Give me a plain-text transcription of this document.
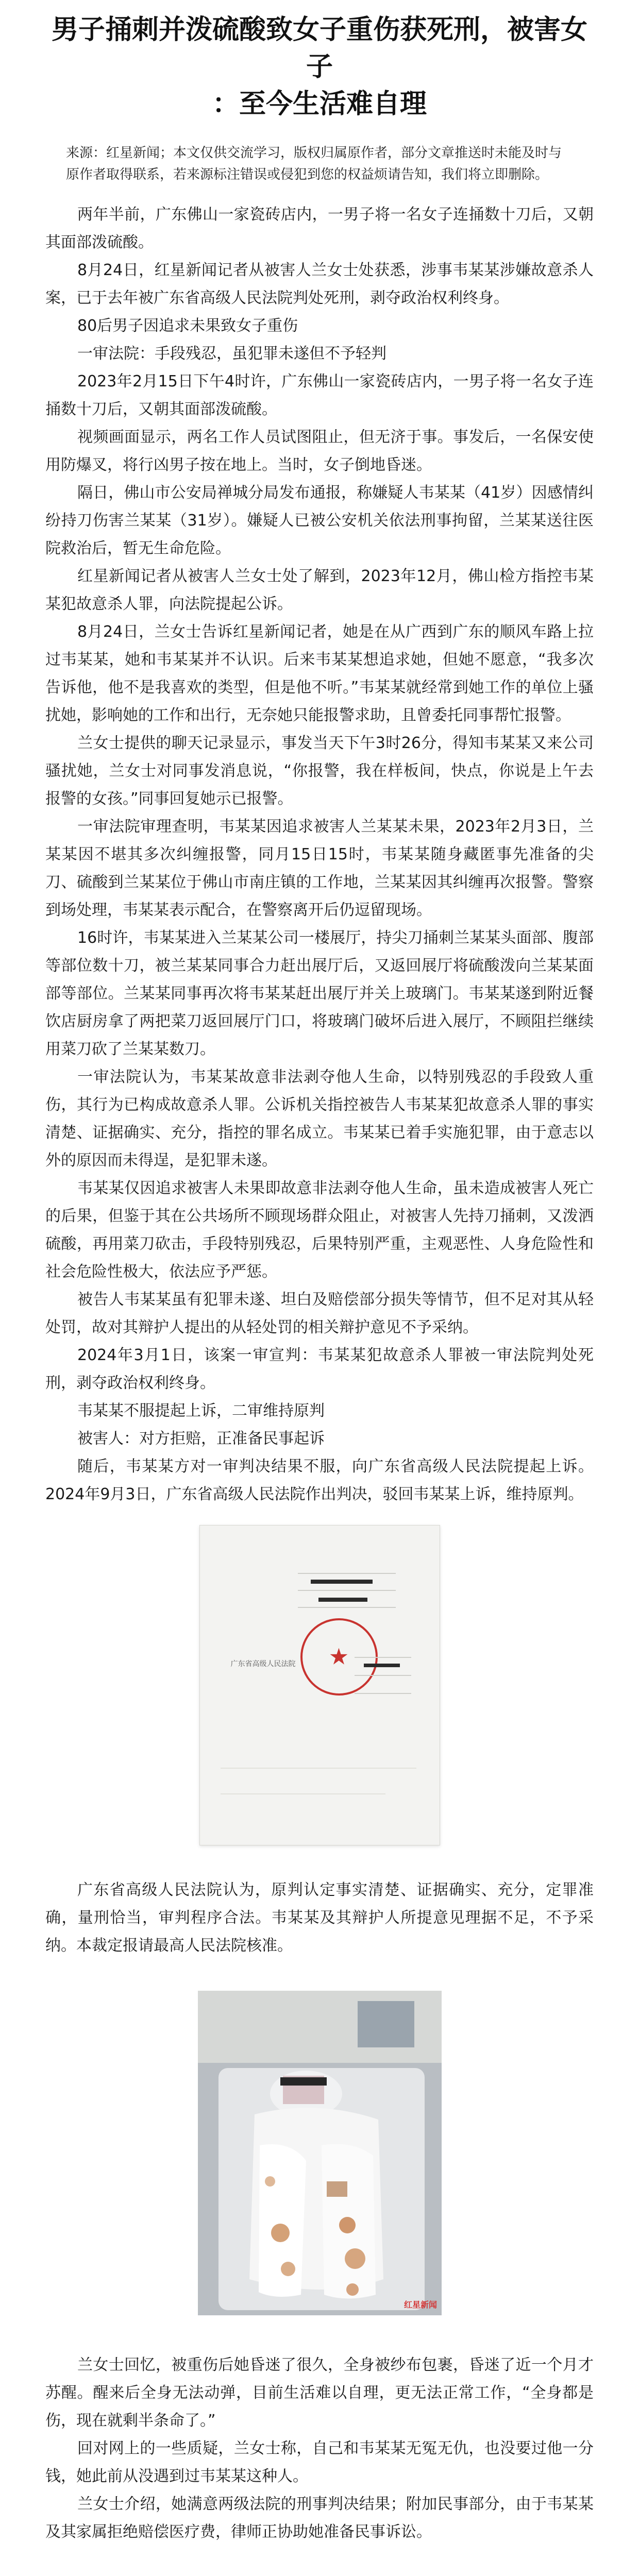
男子捅刺并泼硫酸致女子重伤获死刑，被害女子
：至今生活难自理
来源：红星新闻；本文仅供交流学习，版权归属原作者，部分文章推送时未能及时与原作者取得联系，若来源标注错误或侵犯到您的权益烦请告知，我们将立即删除。

两年半前，广东佛山一家瓷砖店内，一男子将一名女子连捅数十刀后，又朝其面部泼硫酸。

8月24日，红星新闻记者从被害人兰女士处获悉，涉事韦某某涉嫌故意杀人案，已于去年被广东省高级人民法院判处死刑，剥夺政治权利终身。

80后男子因追求未果致女子重伤

一审法院：手段残忍，虽犯罪未遂但不予轻判

2023年2月15日下午4时许，广东佛山一家瓷砖店内，一男子将一名女子连捅数十刀后，又朝其面部泼硫酸。

视频画面显示，两名工作人员试图阻止，但无济于事。事发后，一名保安使用防爆叉，将行凶男子按在地上。当时，女子倒地昏迷。

隔日，佛山市公安局禅城分局发布通报，称嫌疑人韦某某（41岁）因感情纠纷持刀伤害兰某某（31岁）。嫌疑人已被公安机关依法刑事拘留，兰某某送往医院救治后，暂无生命危险。

红星新闻记者从被害人兰女士处了解到，2023年12月，佛山检方指控韦某某犯故意杀人罪，向法院提起公诉。

8月24日，兰女士告诉红星新闻记者，她是在从广西到广东的顺风车路上拉过韦某某，她和韦某某并不认识。后来韦某某想追求她，但她不愿意，“我多次告诉他，他不是我喜欢的类型，但是他不听。”韦某某就经常到她工作的单位上骚扰她，影响她的工作和出行，无奈她只能报警求助，且曾委托同事帮忙报警。

兰女士提供的聊天记录显示，事发当天下午3时26分，得知韦某某又来公司骚扰她，兰女士对同事发消息说，“你报警，我在样板间，快点，你说是上午去报警的女孩。”同事回复她示已报警。

一审法院审理查明，韦某某因追求被害人兰某某未果，2023年2月3日，兰某某因不堪其多次纠缠报警，同月15日15时，韦某某随身藏匿事先准备的尖刀、硫酸到兰某某位于佛山市南庄镇的工作地，兰某某因其纠缠再次报警。警察到场处理，韦某某表示配合，在警察离开后仍逗留现场。

16时许，韦某某进入兰某某公司一楼展厅，持尖刀捅刺兰某某头面部、腹部等部位数十刀，被兰某某同事合力赶出展厅后，又返回展厅将硫酸泼向兰某某面部等部位。兰某某同事再次将韦某某赶出展厅并关上玻璃门。韦某某遂到附近餐饮店厨房拿了两把菜刀返回展厅门口，将玻璃门破坏后进入展厅，不顾阻拦继续用菜刀砍了兰某某数刀。

一审法院认为，韦某某故意非法剥夺他人生命，以特别残忍的手段致人重伤，其行为已构成故意杀人罪。公诉机关指控被告人韦某某犯故意杀人罪的事实清楚、证据确实、充分，指控的罪名成立。韦某某已着手实施犯罪，由于意志以外的原因而未得逞，是犯罪未遂。

韦某某仅因追求被害人未果即故意非法剥夺他人生命，虽未造成被害人死亡的后果，但鉴于其在公共场所不顾现场群众阻止，对被害人先持刀捅刺，又泼洒硫酸，再用菜刀砍击，手段特别残忍，后果特别严重，主观恶性、人身危险性和社会危险性极大，依法应予严惩。

被告人韦某某虽有犯罪未遂、坦白及赔偿部分损失等情节，但不足对其从轻处罚，故对其辩护人提出的从轻处罚的相关辩护意见不予采纳。

2024年3月1日，该案一审宣判：韦某某犯故意杀人罪被一审法院判处死刑，剥夺政治权利终身。

韦某某不服提起上诉，二审维持原判

被害人：对方拒赔，正准备民事起诉

随后，韦某某方对一审判决结果不服，向广东省高级人民法院提起上诉。2024年9月3日，广东省高级人民法院作出判决，驳回韦某某上诉，维持原判。

★
广东省高级人民法院

广东省高级人民法院认为，原判认定事实清楚、证据确实、充分，定罪准确，量刑恰当，审判程序合法。韦某某及其辩护人所提意见理据不足，不予采纳。本裁定报请最高人民法院核准。

红星新闻

兰女士回忆，被重伤后她昏迷了很久，全身被纱布包裹，昏迷了近一个月才苏醒。醒来后全身无法动弹，目前生活难以自理，更无法正常工作，“全身都是伤，现在就剩半条命了。”

回对网上的一些质疑，兰女士称，自己和韦某某无冤无仇，也没要过他一分钱，她此前从没遇到过韦某某这种人。

兰女士介绍，她满意两级法院的刑事判决结果；附加民事部分，由于韦某某及其家属拒绝赔偿医疗费，律师正协助她准备民事诉讼。
